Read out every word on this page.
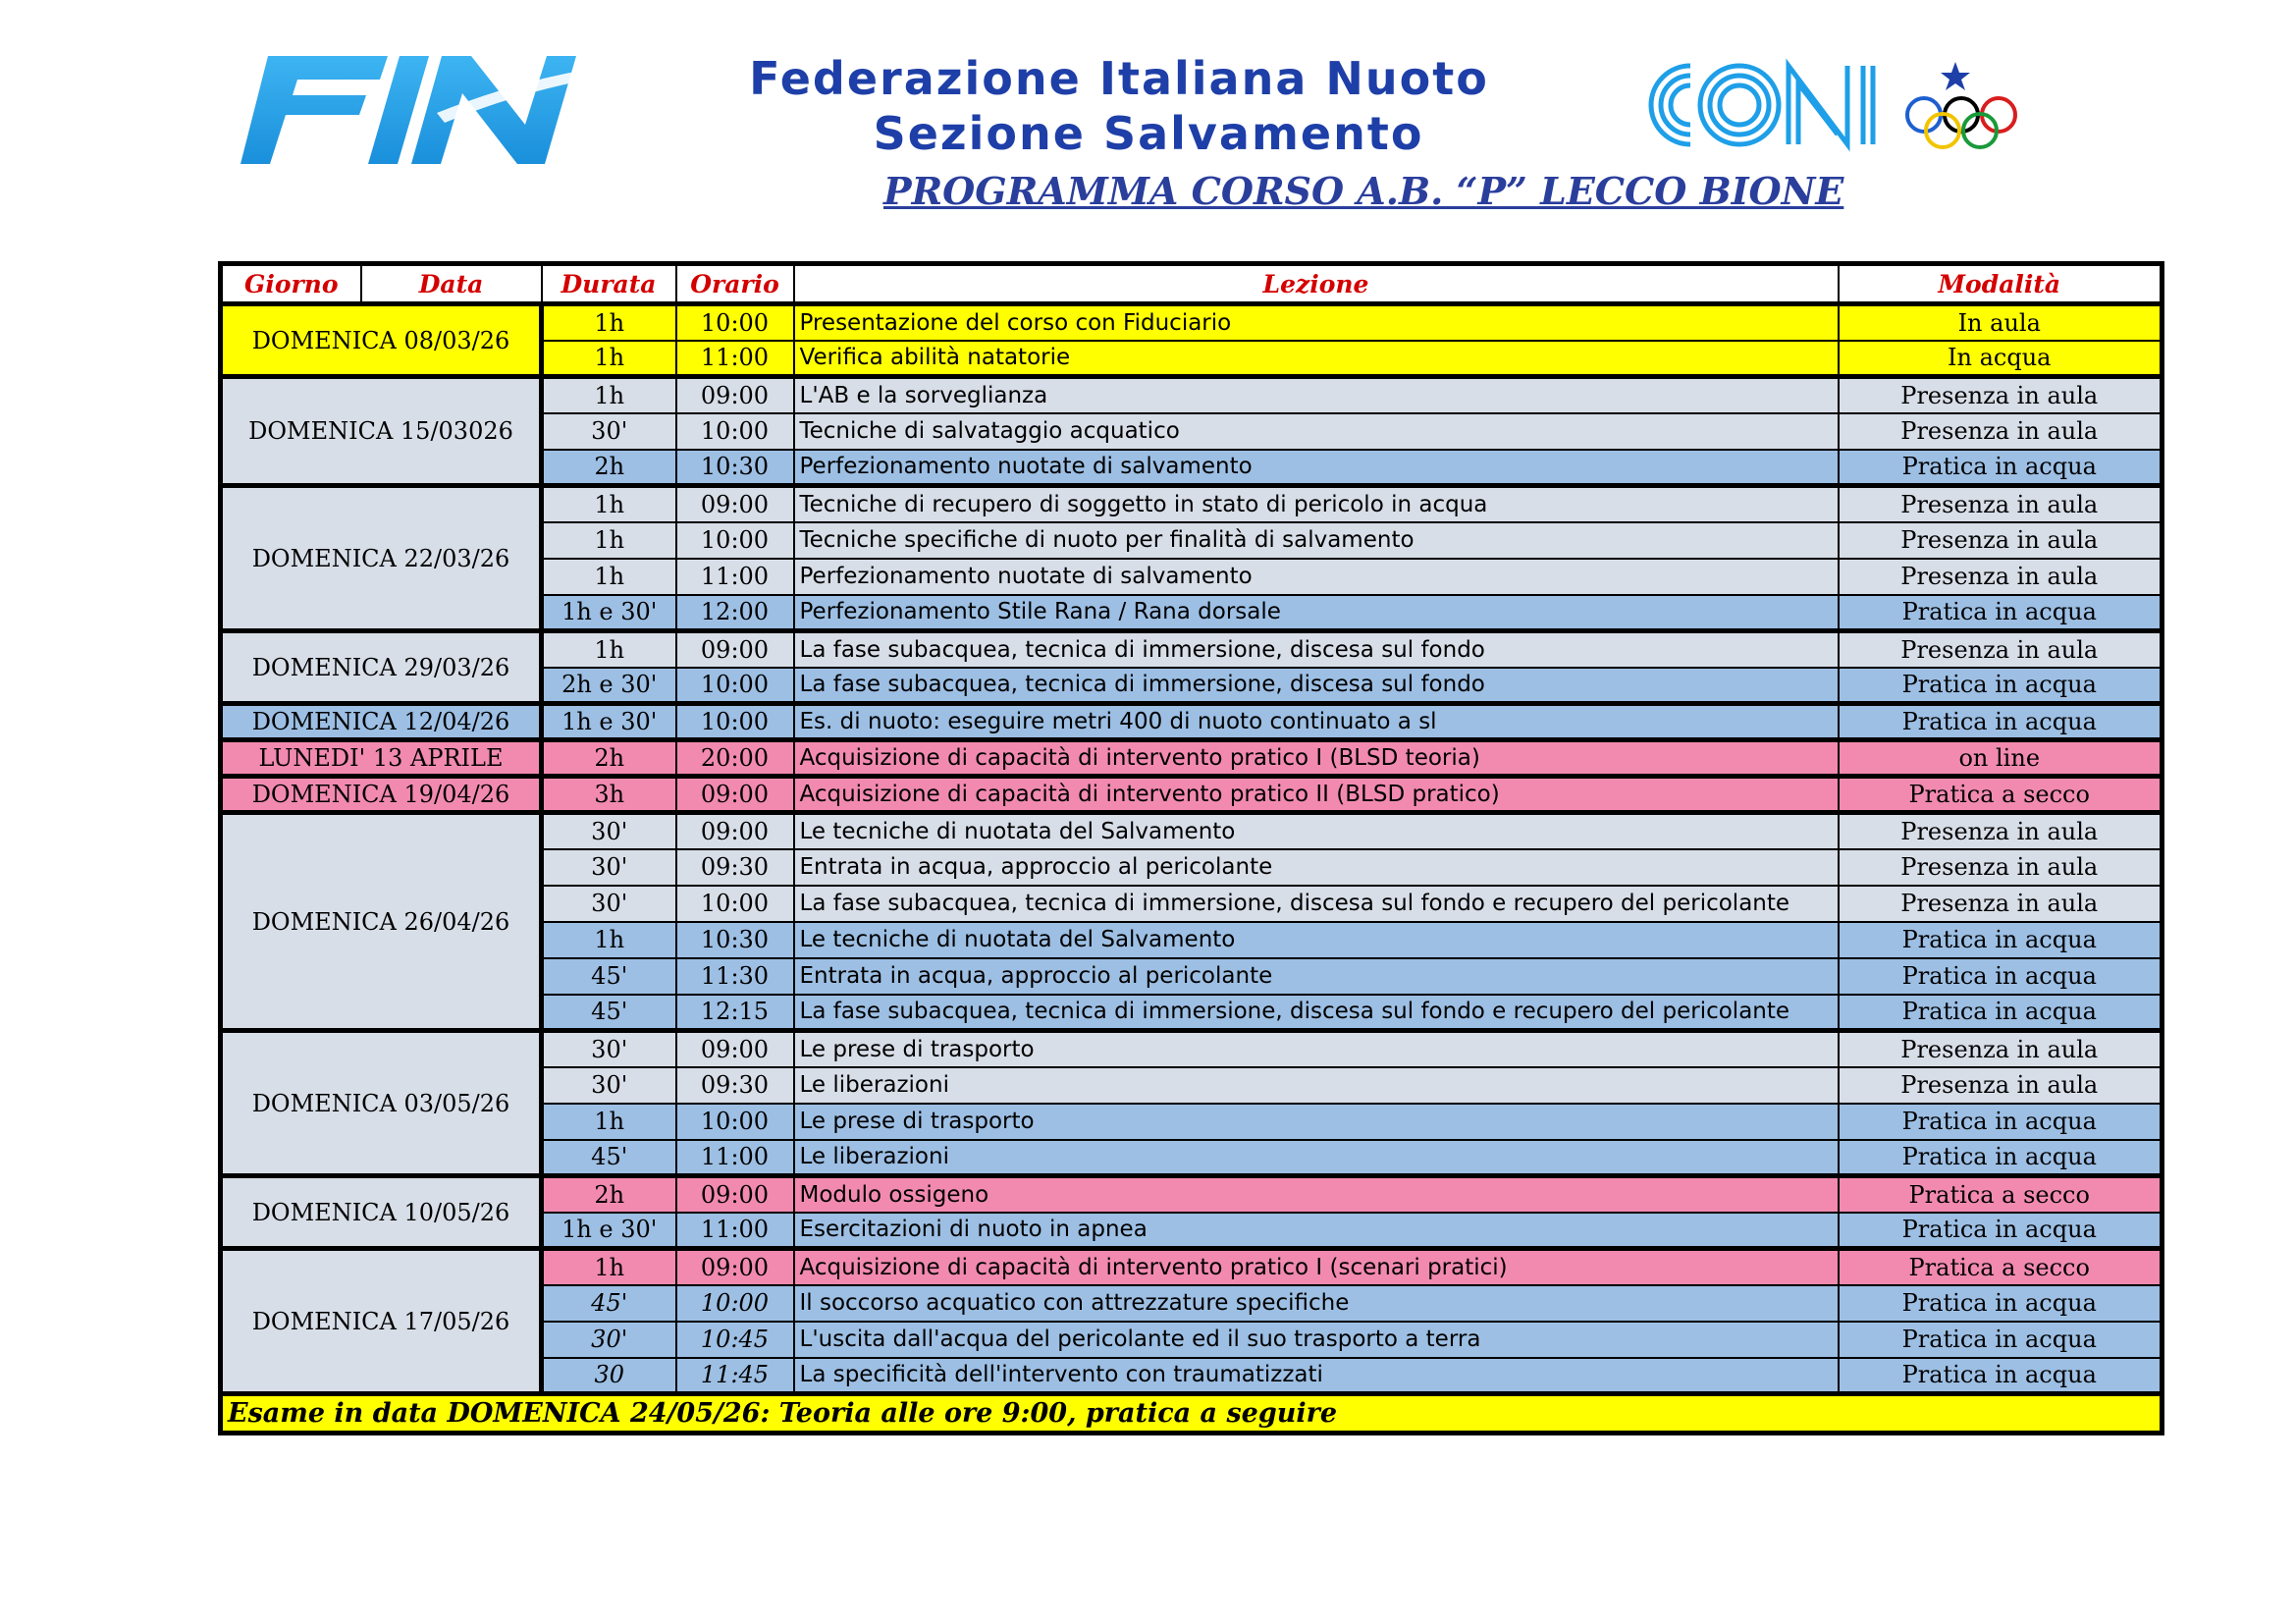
Federazione Italiana Nuoto
Sezione Salvamento
PROGRAMMA CORSO A.B. “P” LECCO BIONE
Giorno	Data	Durata	Orario	Lezione	Modalità
DOMENICA 08/03/26		1h	10:00	Presentazione del corso con Fiduciario	In aula
		1h	11:00	Verifica abilità natatorie	In acqua
DOMENICA 15/03026		1h	09:00	L'AB e la sorveglianza	Presenza in aula
		30'	10:00	Tecniche di salvataggio acquatico	Presenza in aula
		2h	10:30	Perfezionamento nuotate di salvamento	Pratica in acqua
DOMENICA 22/03/26		1h	09:00	Tecniche di recupero di soggetto in stato di pericolo in acqua	Presenza in aula
		1h	10:00	Tecniche specifiche di nuoto per finalità di salvamento	Presenza in aula
		1h	11:00	Perfezionamento nuotate di salvamento	Presenza in aula
		1h e 30'	12:00	Perfezionamento Stile Rana / Rana dorsale	Pratica in acqua
DOMENICA 29/03/26		1h	09:00	La fase subacquea, tecnica di immersione, discesa sul fondo	Presenza in aula
		2h e 30'	10:00	La fase subacquea, tecnica di immersione, discesa sul fondo	Pratica in acqua
DOMENICA 12/04/26		1h e 30'	10:00	Es. di nuoto: eseguire metri 400 di nuoto continuato a sl	Pratica in acqua
LUNEDI' 13 APRILE		2h	20:00	Acquisizione di capacità di intervento pratico I (BLSD teoria)	on line
DOMENICA 19/04/26		3h	09:00	Acquisizione di capacità di intervento pratico II (BLSD pratico)	Pratica a secco
DOMENICA 26/04/26		30'	09:00	Le tecniche di nuotata del Salvamento	Presenza in aula
		30'	09:30	Entrata in acqua, approccio al pericolante	Presenza in aula
		30'	10:00	La fase subacquea, tecnica di immersione, discesa sul fondo e recupero del pericolante	Presenza in aula
		1h	10:30	Le tecniche di nuotata del Salvamento	Pratica in acqua
		45'	11:30	Entrata in acqua, approccio al pericolante	Pratica in acqua
		45'	12:15	La fase subacquea, tecnica di immersione, discesa sul fondo e recupero del pericolante	Pratica in acqua
DOMENICA 03/05/26		30'	09:00	Le prese di trasporto	Presenza in aula
		30'	09:30	Le liberazioni	Presenza in aula
		1h	10:00	Le prese di trasporto	Pratica in acqua
		45'	11:00	Le liberazioni	Pratica in acqua
DOMENICA 10/05/26		2h	09:00	Modulo ossigeno	Pratica a secco
		1h e 30'	11:00	Esercitazioni di nuoto in apnea	Pratica in acqua
DOMENICA 17/05/26		1h	09:00	Acquisizione di capacità di intervento pratico I (scenari pratici)	Pratica a secco
		45'	10:00	Il soccorso acquatico con attrezzature specifiche	Pratica in acqua
		30'	10:45	L'uscita dall'acqua del pericolante ed il suo trasporto a terra	Pratica in acqua
		30	11:45	La specificità dell'intervento con traumatizzati	Pratica in acqua
Esame in data DOMENICA 24/05/26: Teoria alle ore 9:00, pratica a seguire					
